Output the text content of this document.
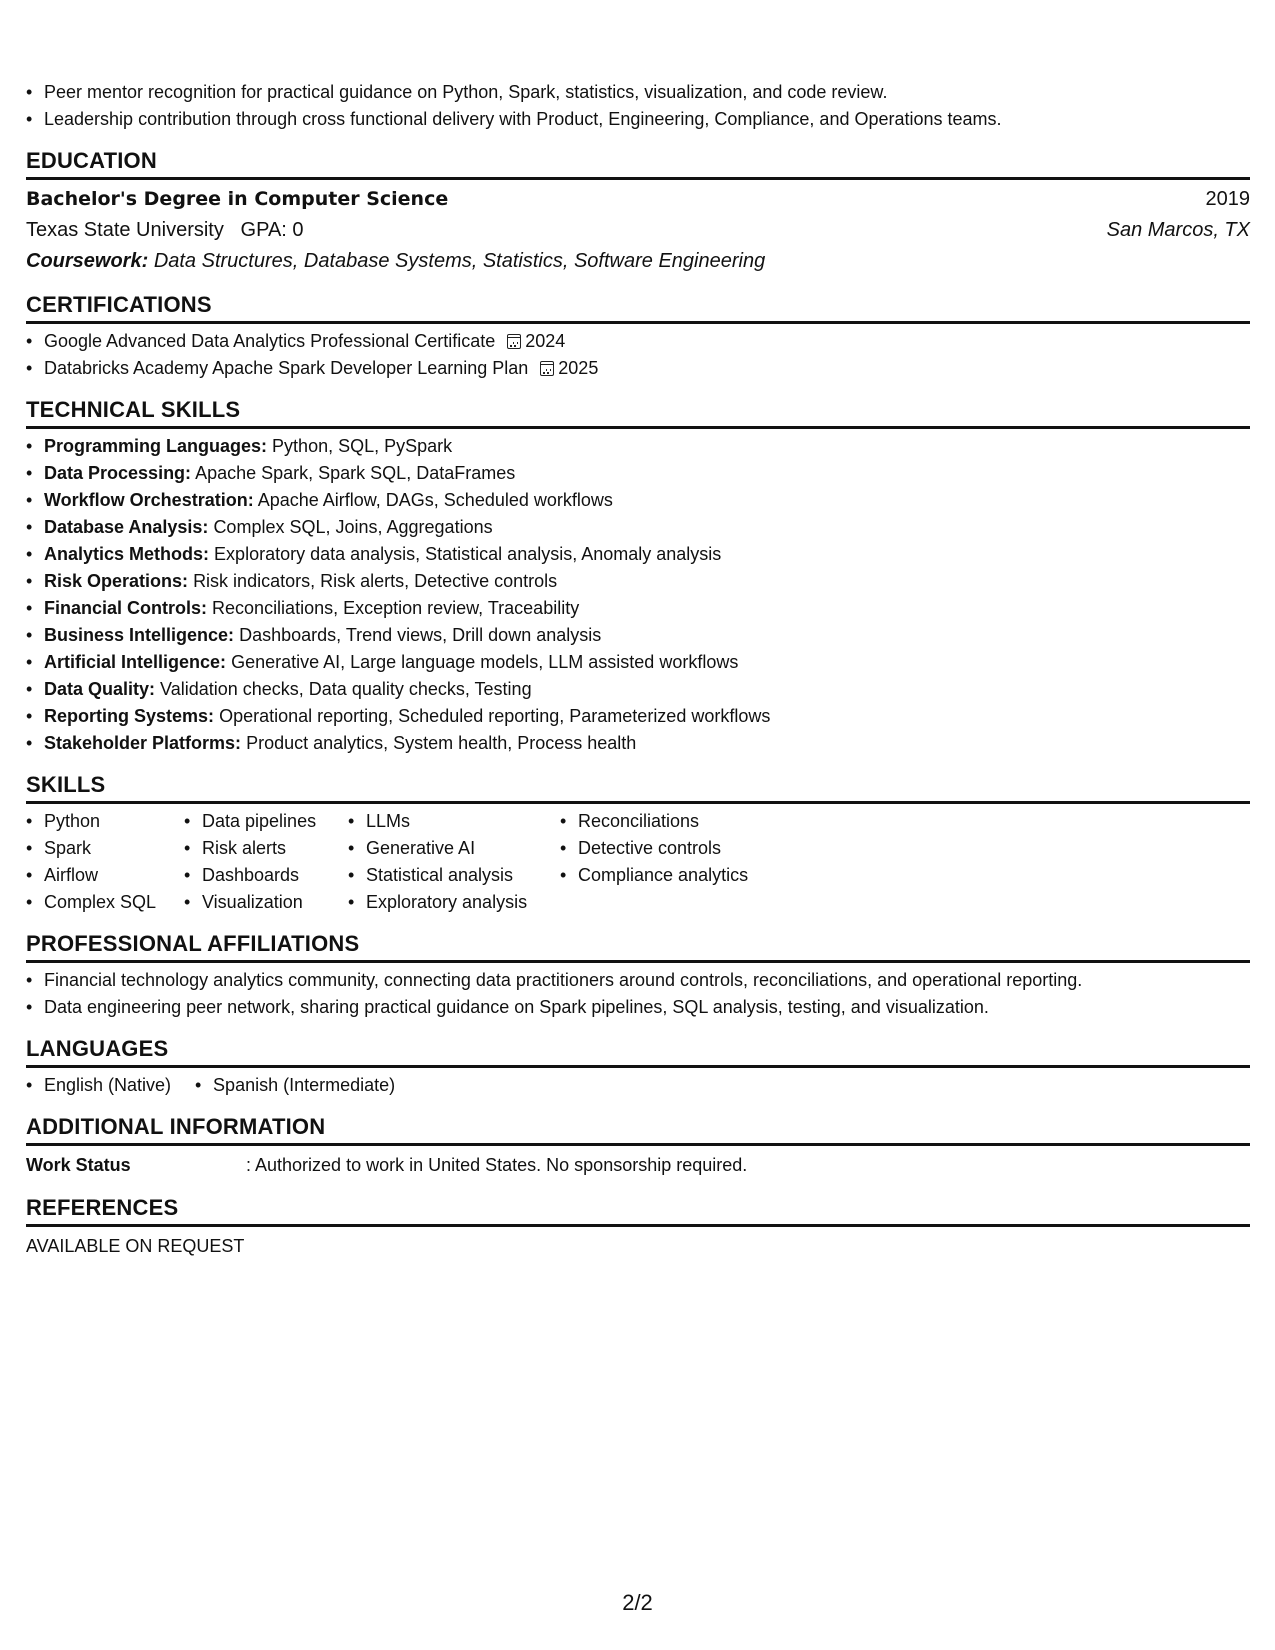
• Peer mentor recognition for practical guidance on Python, Spark, statistics, visualization, and code review.
• Leadership contribution through cross functional delivery with Product, Engineering, Compliance, and Operations teams.
EDUCATION
Bachelor's Degree in Computer Science	2019
Texas State University GPA: 0	San Marcos, TX
Coursework: Data Structures, Database Systems, Statistics, Software Engineering
CERTIFICATIONS
• Google Advanced Data Analytics Professional Certificate 2024
• Databricks Academy Apache Spark Developer Learning Plan 2025
TECHNICAL SKILLS
• Programming Languages: Python, SQL, PySpark
• Data Processing: Apache Spark, Spark SQL, DataFrames
• Workflow Orchestration: Apache Airflow, DAGs, Scheduled workflows
• Database Analysis: Complex SQL, Joins, Aggregations
• Analytics Methods: Exploratory data analysis, Statistical analysis, Anomaly analysis
• Risk Operations: Risk indicators, Risk alerts, Detective controls
• Financial Controls: Reconciliations, Exception review, Traceability
• Business Intelligence: Dashboards, Trend views, Drill down analysis
• Artificial Intelligence: Generative AI, Large language models, LLM assisted workflows
• Data Quality: Validation checks, Data quality checks, Testing
• Reporting Systems: Operational reporting, Scheduled reporting, Parameterized workflows
• Stakeholder Platforms: Product analytics, System health, Process health
SKILLS
• Python
• Spark
• Airflow
• Complex SQL
• Data pipelines
• Risk alerts
• Dashboards
• Visualization
• LLMs
• Generative AI
• Statistical analysis
• Exploratory analysis
• Reconciliations
• Detective controls
• Compliance analytics
PROFESSIONAL AFFILIATIONS
• Financial technology analytics community, connecting data practitioners around controls, reconciliations, and operational reporting.
• Data engineering peer network, sharing practical guidance on Spark pipelines, SQL analysis, testing, and visualization.
LANGUAGES
• English (Native)
•	Spanish (Intermediate)
ADDITIONAL INFORMATION
Work Status	: Authorized to work in United States. No sponsorship required.
REFERENCES
AVAILABLE ON REQUEST
2/2
